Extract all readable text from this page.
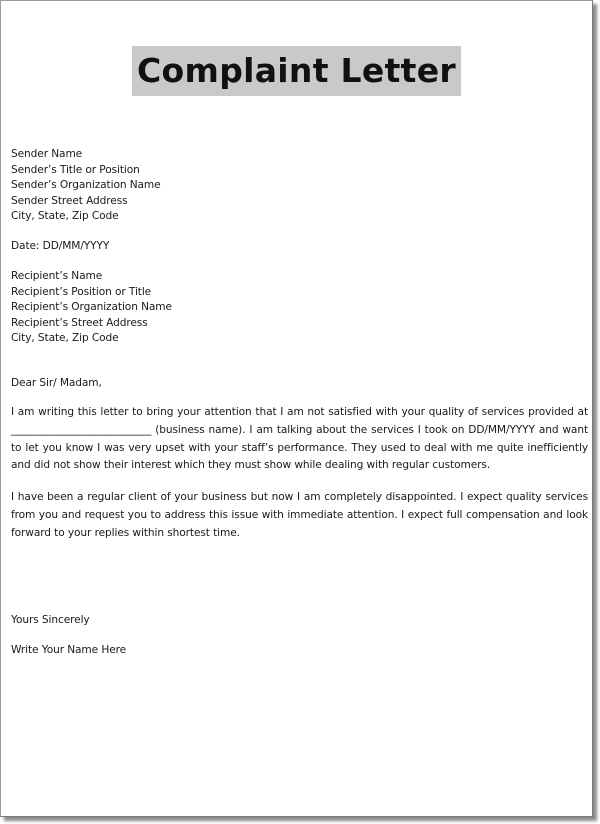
Complaint Letter
Sender Name
Sender’s Title or Position
Sender’s Organization Name
Sender Street Address
City, State, Zip Code
Date: DD/MM/YYYY
Recipient’s Name
Recipient’s Position or Title
Recipient’s Organization Name
Recipient’s Street Address
City, State, Zip Code
Dear Sir/ Madam,
I am writing this letter to bring your attention that I am not satisfied with your quality of services provided at ___________________________ (business name). I am talking about the services I took on DD/MM/YYYY and want to let you know I was very upset with your staff’s performance. They used to deal with me quite inefficiently and did not show their interest which they must show while dealing with regular customers.
I have been a regular client of your business but now I am completely disappointed. I expect quality services from you and request you to address this issue with immediate attention. I expect full compensation and look forward to your replies within shortest time.
Yours Sincerely
Write Your Name Here
